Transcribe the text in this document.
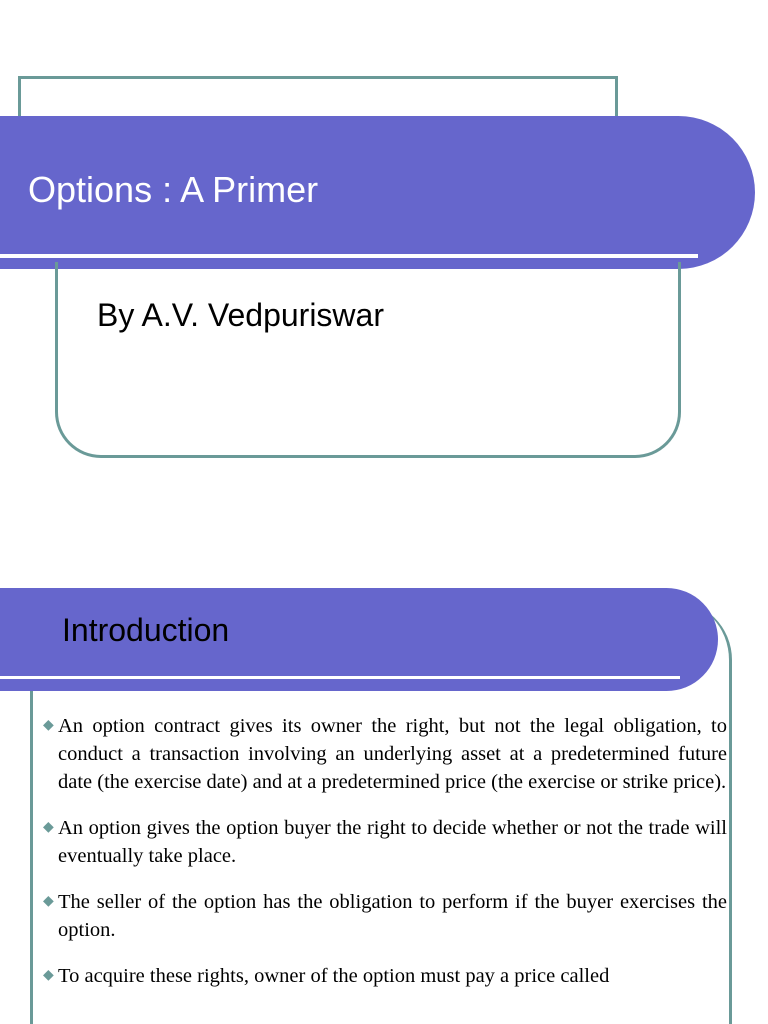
Options : A Primer

By A.V. Vedpuriswar

Introduction
◆ An option contract gives its owner the right, but not the legal obligation, to conduct a transaction involving an underlying asset at a predetermined future date (the exercise date) and at a predetermined price (the exercise or strike price).
◆ An option gives the option buyer the right to decide whether or not the trade will eventually take place.
◆ The seller of the option has the obligation to perform if the buyer exercises the option.
◆ To acquire these rights, owner of the option must pay a price called
